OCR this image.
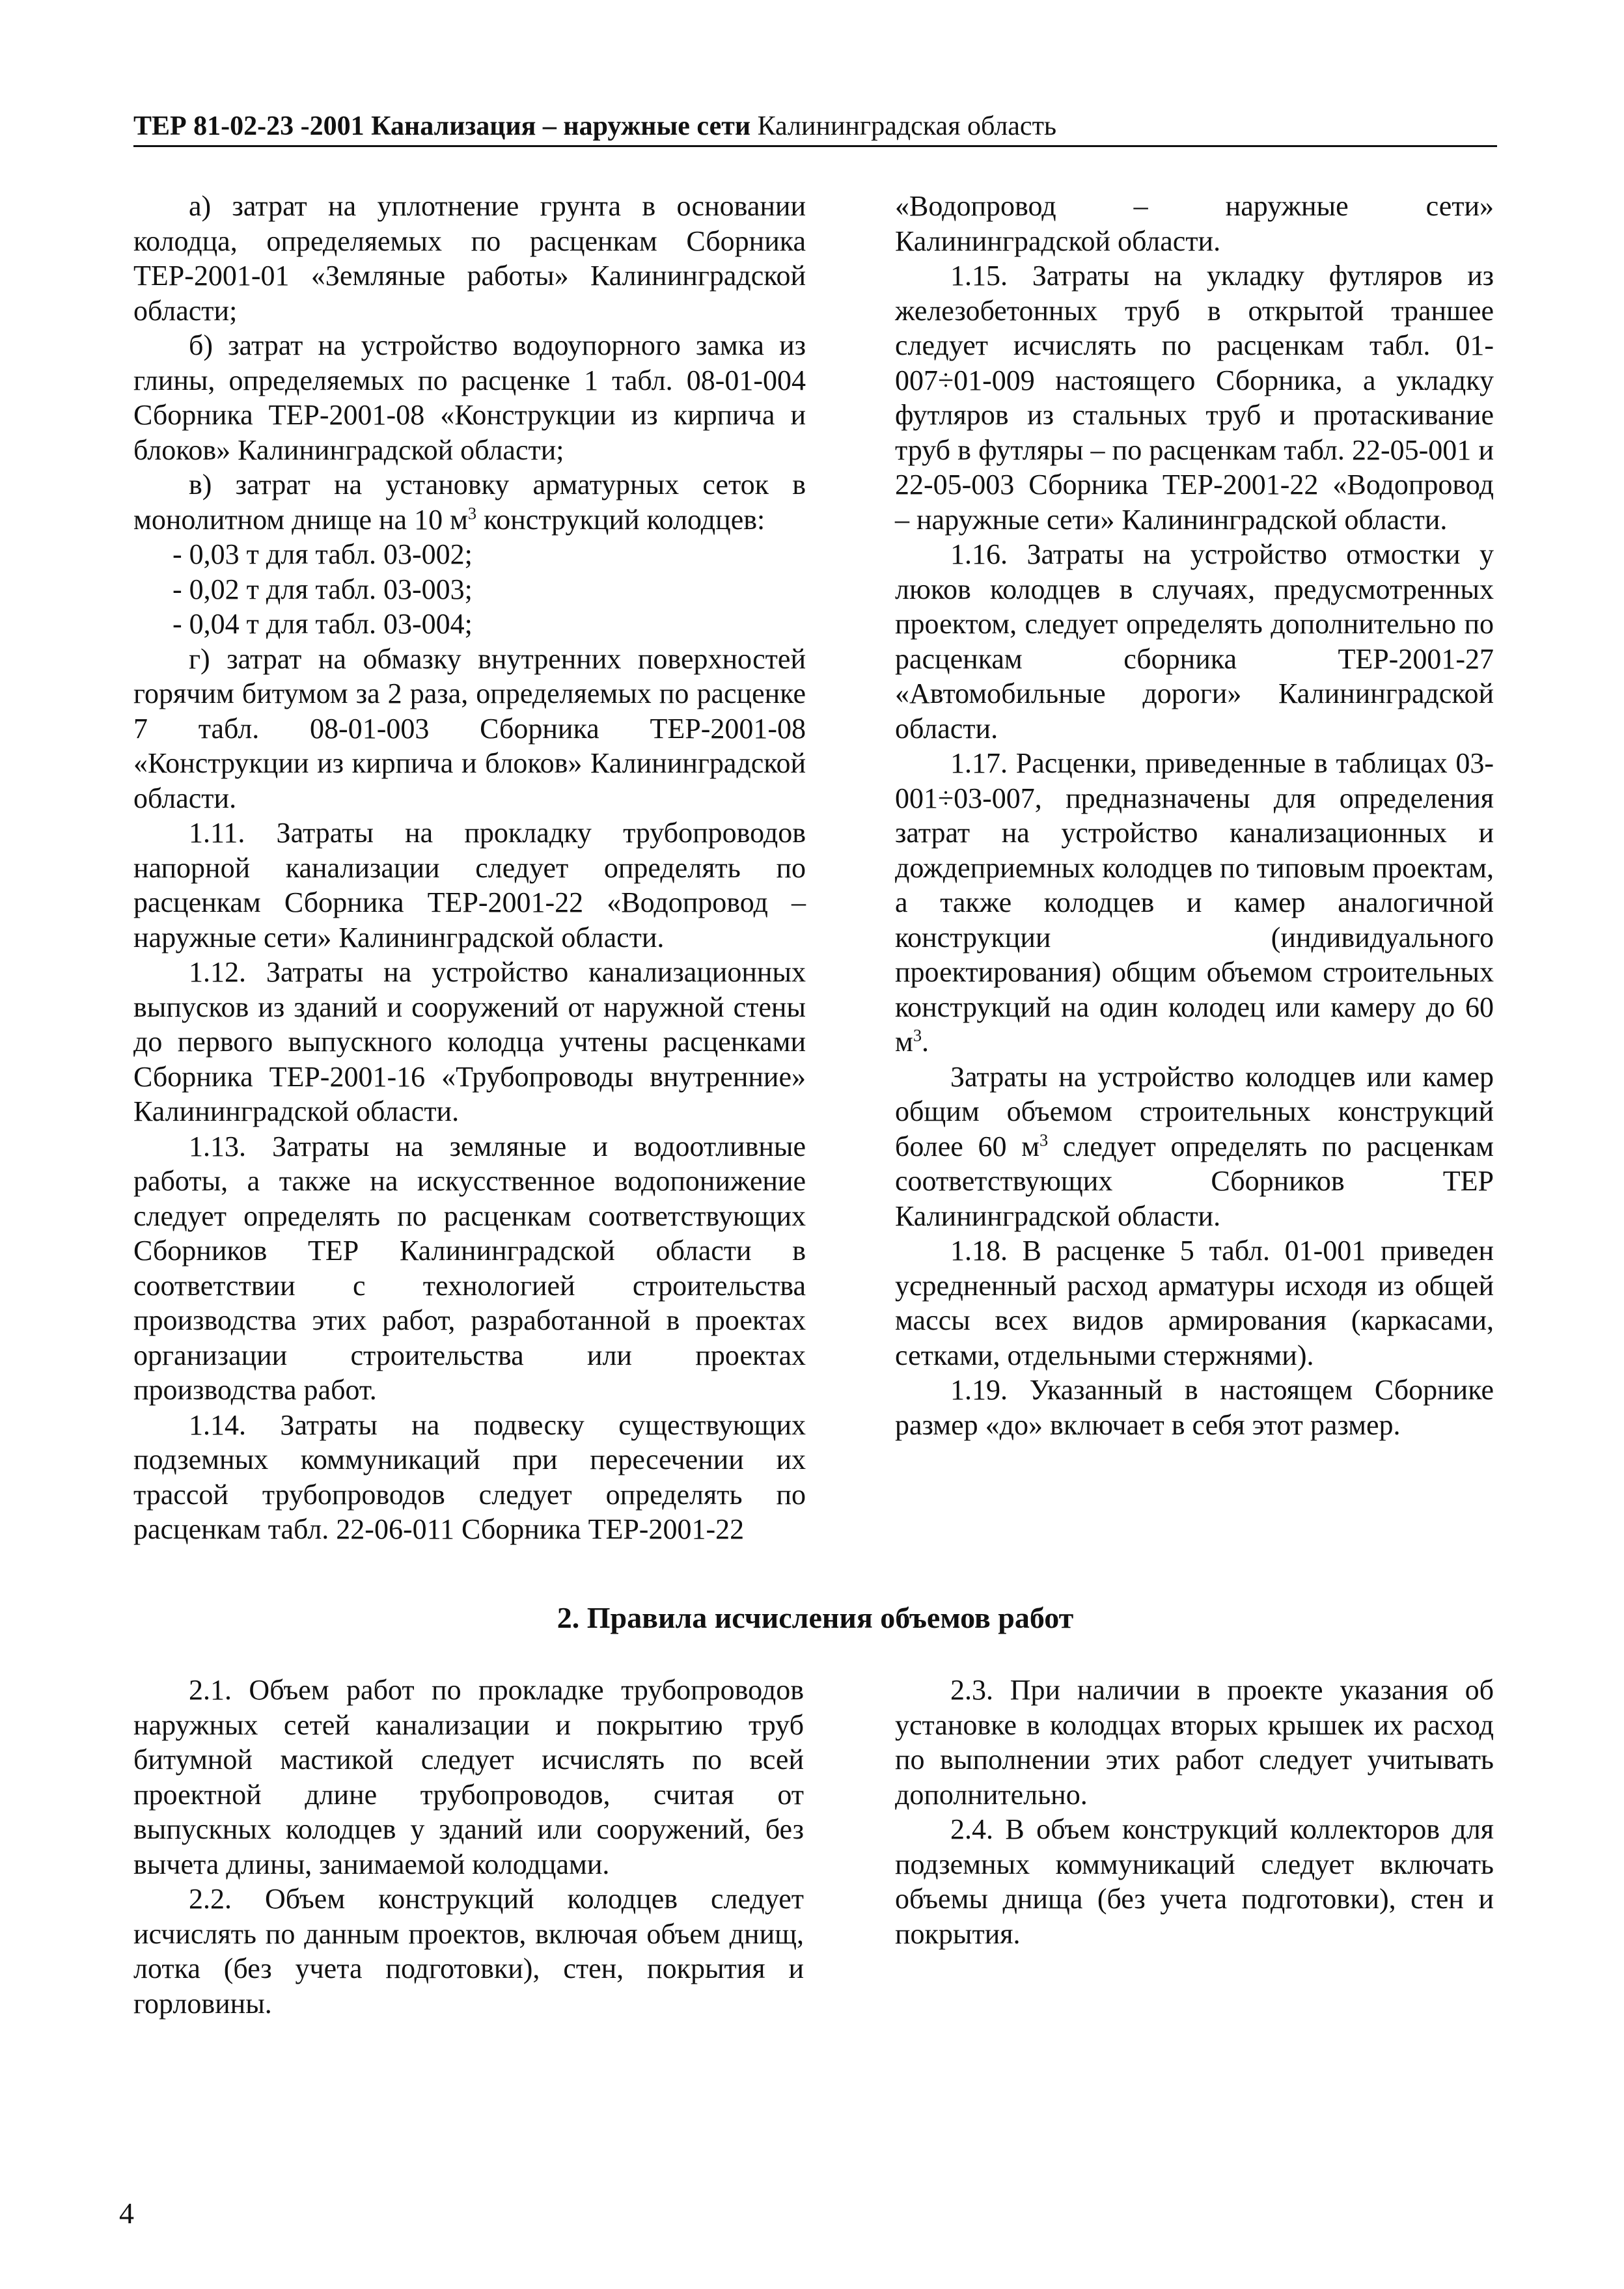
ТЕР 81-02-23 -2001 Канализация – наружные сети Калининградская область

а) затрат на уплотнение грунта в основании колодца, определяемых по расценкам Сборника ТЕР-2001-01 «Земляные работы» Калининградской области;

б) затрат на устройство водоупорного замка из глины, определяемых по расценке 1 табл. 08-01-004 Сборника ТЕР-2001-08 «Конструкции из кирпича и блоков» Калининградской области;

в) затрат на установку арматурных сеток в монолитном днище на 10 $м^3$ конструкций колодцев:

- 0,03 т для табл. 03-002;

- 0,02 т для табл. 03-003;

- 0,04 т для табл. 03-004;

г) затрат на обмазку внутренних поверхностей горячим битумом за 2 раза, определяемых по расценке 7 табл. 08-01-003 Сборника ТЕР-2001-08 «Конструкции из кирпича и блоков» Калининградской области.

1.11. Затраты на прокладку трубопроводов напорной канализации следует определять по расценкам Сборника ТЕР-2001-22 «Водопровод – наружные сети» Калининградской области.

1.12. Затраты на устройство канализационных выпусков из зданий и сооружений от наружной стены до первого выпускного колодца учтены расценками Сборника ТЕР-2001-16 «Трубопроводы внутренние» Калининградской области.

1.13. Затраты на земляные и водоотливные работы, а также на искусственное водопонижение следует определять по расценкам соответствующих Сборников ТЕР Калининградской области в соответствии с технологией строительства производства этих работ, разработанной в проектах организации строительства или проектах производства работ.

1.14. Затраты на подвеску существующих подземных коммуникаций при пересечении их трассой трубопроводов следует определять по расценкам табл. 22-06-011 Сборника ТЕР-2001-22

«Водопровод – наружные сети» Калининградской области.

1.15. Затраты на укладку футляров из железобетонных труб в открытой траншее следует исчислять по расценкам табл. 01-007÷01-009 настоящего Сборника, а укладку футляров из стальных труб и протаскивание труб в футляры – по расценкам табл. 22-05-001 и 22-05-003 Сборника ТЕР-2001-22 «Водопровод – наружные сети» Калининградской области.

1.16. Затраты на устройство отмостки у люков колодцев в случаях, предусмотренных проектом, следует определять дополнительно по расценкам сборника ТЕР-2001-27 «Автомобильные дороги» Калининградской области.

1.17. Расценки, приведенные в таблицах 03-001÷03-007, предназначены для определения затрат на устройство канализационных и дождеприемных колодцев по типовым проектам, а также колодцев и камер аналогичной конструкции (индивидуального проектирования) общим объемом строительных конструкций на один колодец или камеру до 60 $м^3$.

Затраты на устройство колодцев или камер общим объемом строительных конструкций более 60 $м^3$ следует определять по расценкам соответствующих Сборников ТЕР Калининградской области.

1.18. В расценке 5 табл. 01-001 приведен усредненный расход арматуры исходя из общей массы всех видов армирования (каркасами, сетками, отдельными стержнями).

1.19. Указанный в настоящем Сборнике размер «до» включает в себя этот размер.

2. Правила исчисления объемов работ

2.1. Объем работ по прокладке трубопроводов наружных сетей канализации и покрытию труб битумной мастикой следует исчислять по всей проектной длине трубопроводов, считая от выпускных колодцев у зданий или сооружений, без вычета длины, занимаемой колодцами.

2.2. Объем конструкций колодцев следует исчислять по данным проектов, включая объем днищ, лотка (без учета подготовки), стен, покрытия и горловины.

2.3. При наличии в проекте указания об установке в колодцах вторых крышек их расход по выполнении этих работ следует учитывать дополнительно.

2.4. В объем конструкций коллекторов для подземных коммуникаций следует включать объемы днища (без учета подготовки), стен и покрытия.

4
